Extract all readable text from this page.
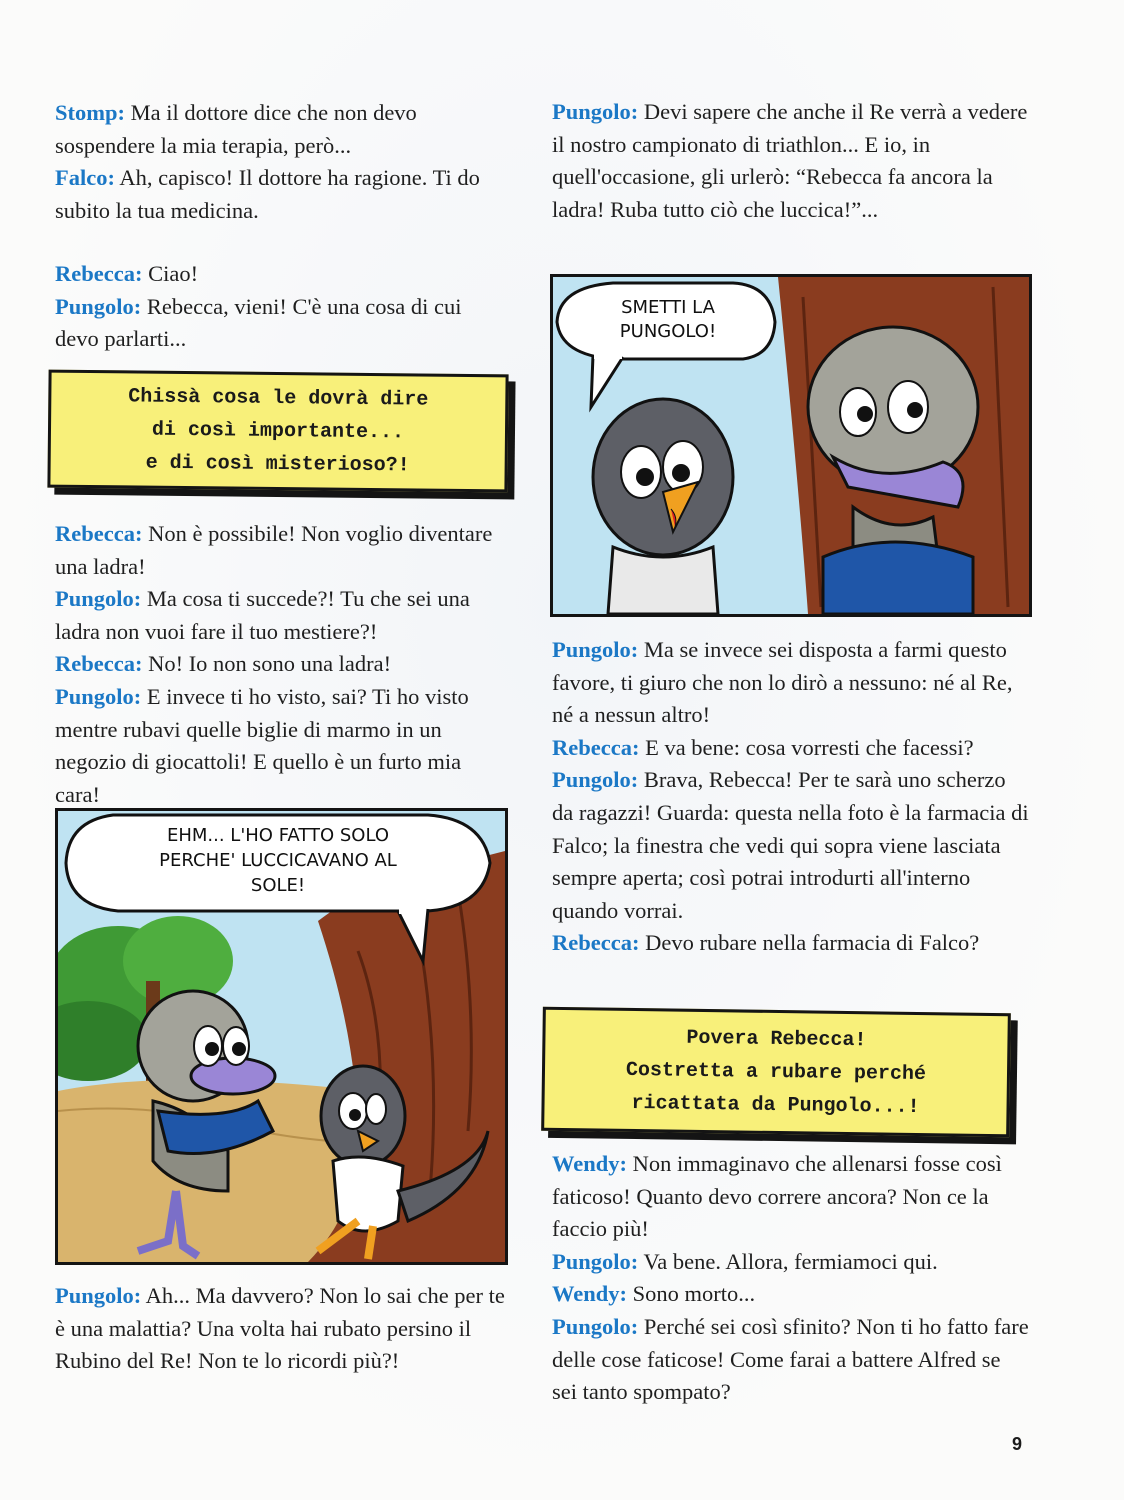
Stomp: Ma il dottore dice che non devo sospendere la mia terapia, però...

Falco: Ah, capisco! Il dottore ha ragione. Ti do subito la tua medicina.

Rebecca: Ciao!

Pungolo: Rebecca, vieni! C'è una cosa di cui devo parlarti...

Chissà cosa le dovrà dire
di così importante...
e di così misterioso?!

Rebecca: Non è possibile! Non voglio diventare una ladra!

Pungolo: Ma cosa ti succede?! Tu che sei una ladra non vuoi fare il tuo mestiere?!

Rebecca: No! Io non sono una ladra!

Pungolo: E invece ti ho visto, sai? Ti ho visto mentre rubavi quelle biglie di marmo in un negozio di giocattoli! E quello è un furto mia cara!

EHM... L'HO FATTO SOLO
PERCHE' LUCCICAVANO AL
SOLE!

Pungolo: Ah... Ma davvero? Non lo sai che per te è una malattia? Una volta hai rubato persino il Rubino del Re! Non te lo ricordi più?!

Pungolo: Devi sapere che anche il Re verrà a vedere il nostro campionato di triathlon... E io, in quell'occasione, gli urlerò: “Rebecca fa ancora la ladra! Ruba tutto ciò che luccica!”...

SMETTI LA
PUNGOLO!

Pungolo: Ma se invece sei disposta a farmi questo favore, ti giuro che non lo dirò a nessuno: né al Re, né a nessun altro!

Rebecca: E va bene: cosa vorresti che facessi?

Pungolo: Brava, Rebecca! Per te sarà uno scherzo da ragazzi! Guarda: questa nella foto è la farmacia di Falco; la finestra che vedi qui sopra viene lasciata sempre aperta; così potrai introdurti all'interno quando vorrai.

Rebecca: Devo rubare nella farmacia di Falco?

Povera Rebecca!
Costretta a rubare perché
ricattata da Pungolo...!

Wendy: Non immaginavo che allenarsi fosse così faticoso! Quanto devo correre ancora? Non ce la faccio più!

Pungolo: Va bene. Allora, fermiamoci qui.

Wendy: Sono morto...

Pungolo: Perché sei così sfinito? Non ti ho fatto fare delle cose faticose! Come farai a battere Alfred se sei tanto spompato?

9
